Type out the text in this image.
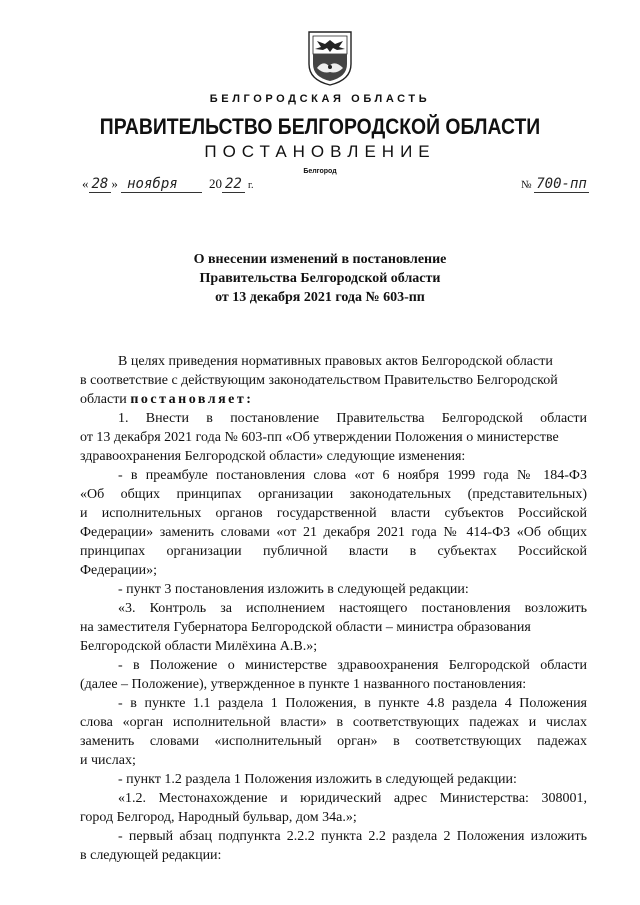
БЕЛГОРОДСКАЯ ОБЛАСТЬ
ПРАВИТЕЛЬСТВО БЕЛГОРОДСКОЙ ОБЛАСТИ
ПОСТАНОВЛЕНИЕ
Белгород
« 28 » ноября 20 22 г.	№ 700-пп
О внесении изменений в постановление
Правительства Белгородской области
от 13 декабря 2021 года № 603-пп
В целях приведения нормативных правовых актов Белгородской области
в соответствие с действующим законодательством Правительство Белгородской
области постановляет:
1. Внести в постановление Правительства Белгородской области
от 13 декабря 2021 года № 603-пп «Об утверждении Положения о министерстве
здравоохранения Белгородской области» следующие изменения:
- в преамбуле постановления слова «от 6 ноября 1999 года № 184-ФЗ
«Об общих принципах организации законодательных (представительных)
и исполнительных органов государственной власти субъектов Российской
Федерации» заменить словами «от 21 декабря 2021 года № 414-ФЗ «Об общих
принципах организации публичной власти в субъектах Российской
Федерации»;
- пункт 3 постановления изложить в следующей редакции:
«3. Контроль за исполнением настоящего постановления возложить
на заместителя Губернатора Белгородской области – министра образования
Белгородской области Милёхина А.В.»;
- в Положение о министерстве здравоохранения Белгородской области
(далее – Положение), утвержденное в пункте 1 названного постановления:
- в пункте 1.1 раздела 1 Положения, в пункте 4.8 раздела 4 Положения
слова «орган исполнительной власти» в соответствующих падежах и числах
заменить словами «исполнительный орган» в соответствующих падежах
и числах;
- пункт 1.2 раздела 1 Положения изложить в следующей редакции:
«1.2. Местонахождение и юридический адрес Министерства: 308001,
город Белгород, Народный бульвар, дом 34а.»;
- первый абзац подпункта 2.2.2 пункта 2.2 раздела 2 Положения изложить
в следующей редакции:
